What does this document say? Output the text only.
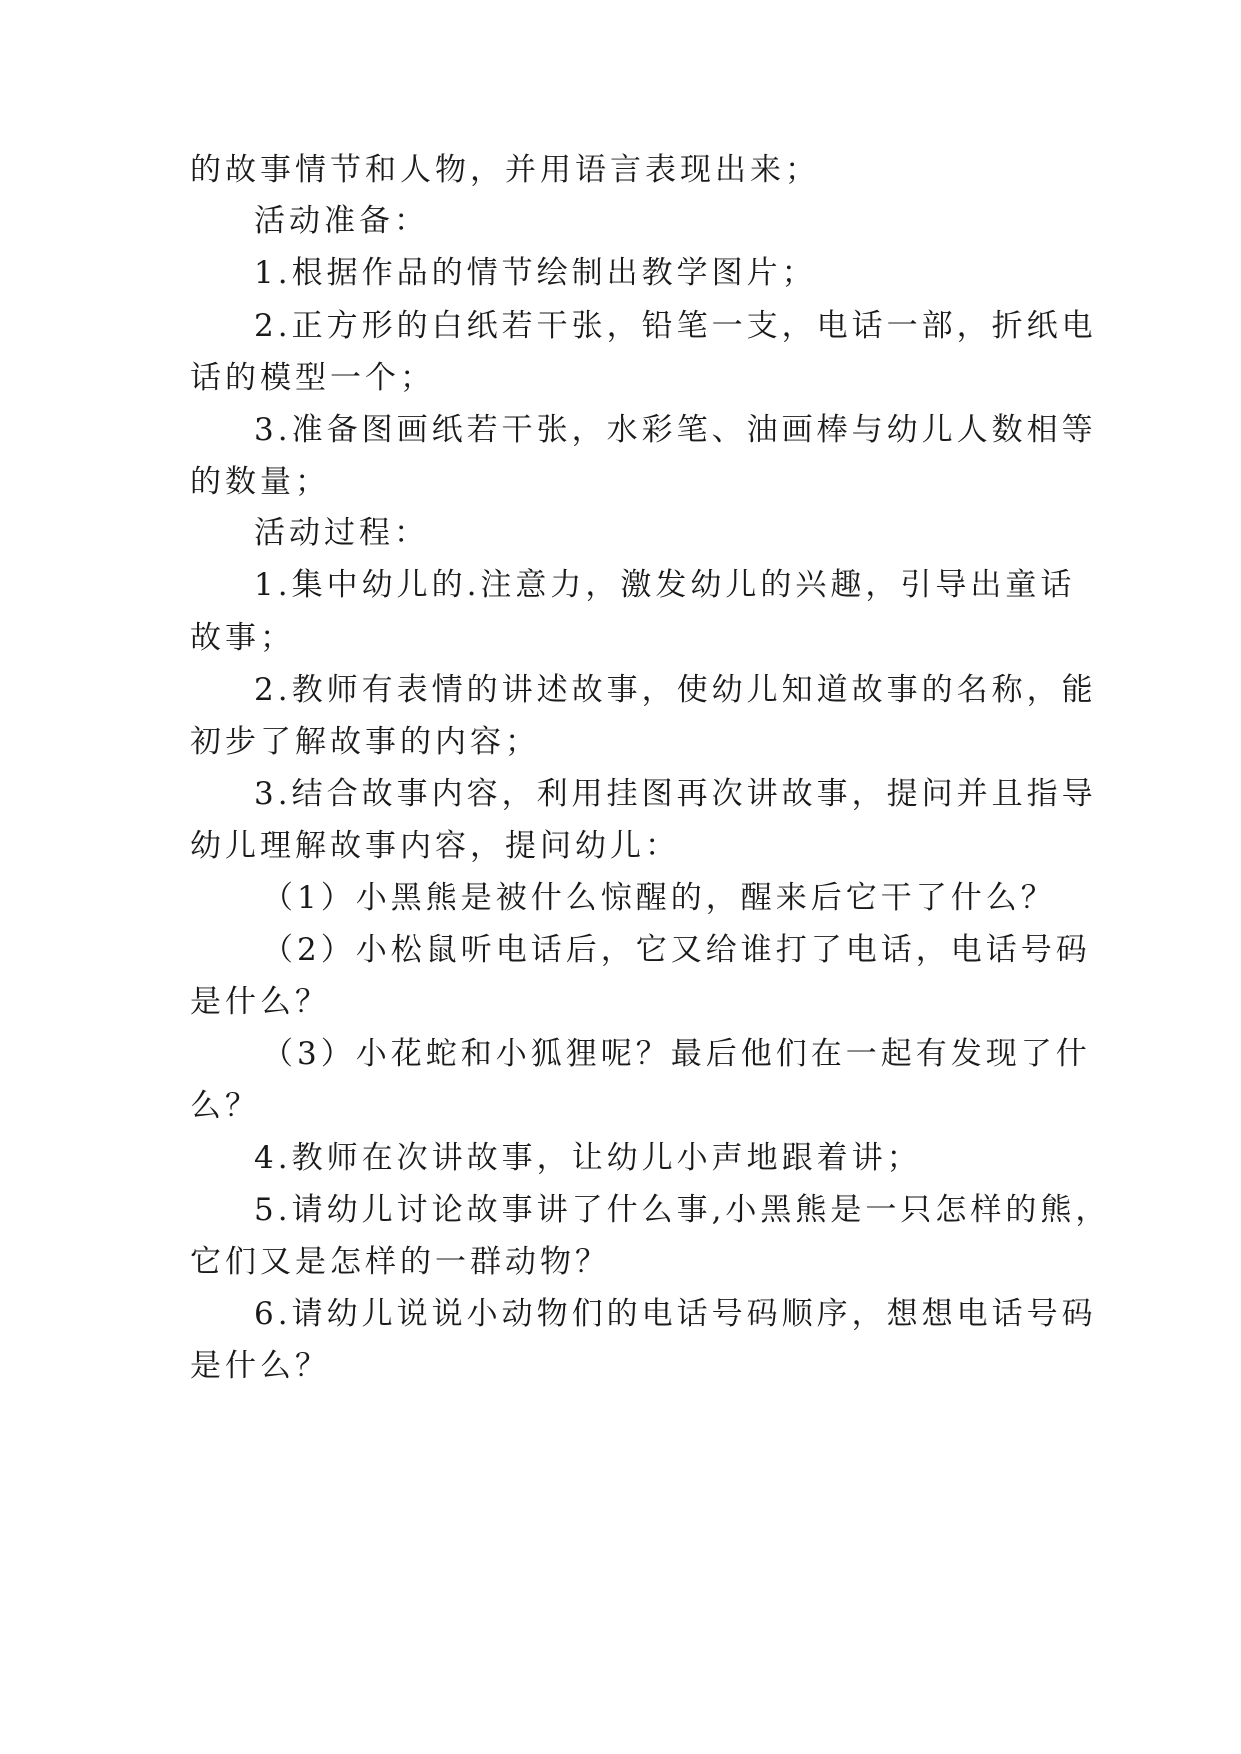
的故事情节和人物，并用语言表现出来；

活动准备：

1.根据作品的情节绘制出教学图片；

2.正方形的白纸若干张，铅笔一支，电话一部，折纸电

话的模型一个；

3.准备图画纸若干张，水彩笔、油画棒与幼儿人数相等

的数量；

活动过程：

1.集中幼儿的.注意力，激发幼儿的兴趣，引导出童话

故事；

2.教师有表情的讲述故事，使幼儿知道故事的名称，能

初步了解故事的内容；

3.结合故事内容，利用挂图再次讲故事，提问并且指导

幼儿理解故事内容，提问幼儿：

（1）小黑熊是被什么惊醒的，醒来后它干了什么？

（2）小松鼠听电话后，它又给谁打了电话，电话号码

是什么？

（3）小花蛇和小狐狸呢？最后他们在一起有发现了什

么？

4.教师在次讲故事，让幼儿小声地跟着讲；

5.请幼儿讨论故事讲了什么事,小黑熊是一只怎样的熊，

它们又是怎样的一群动物？

6.请幼儿说说小动物们的电话号码顺序，想想电话号码

是什么？
